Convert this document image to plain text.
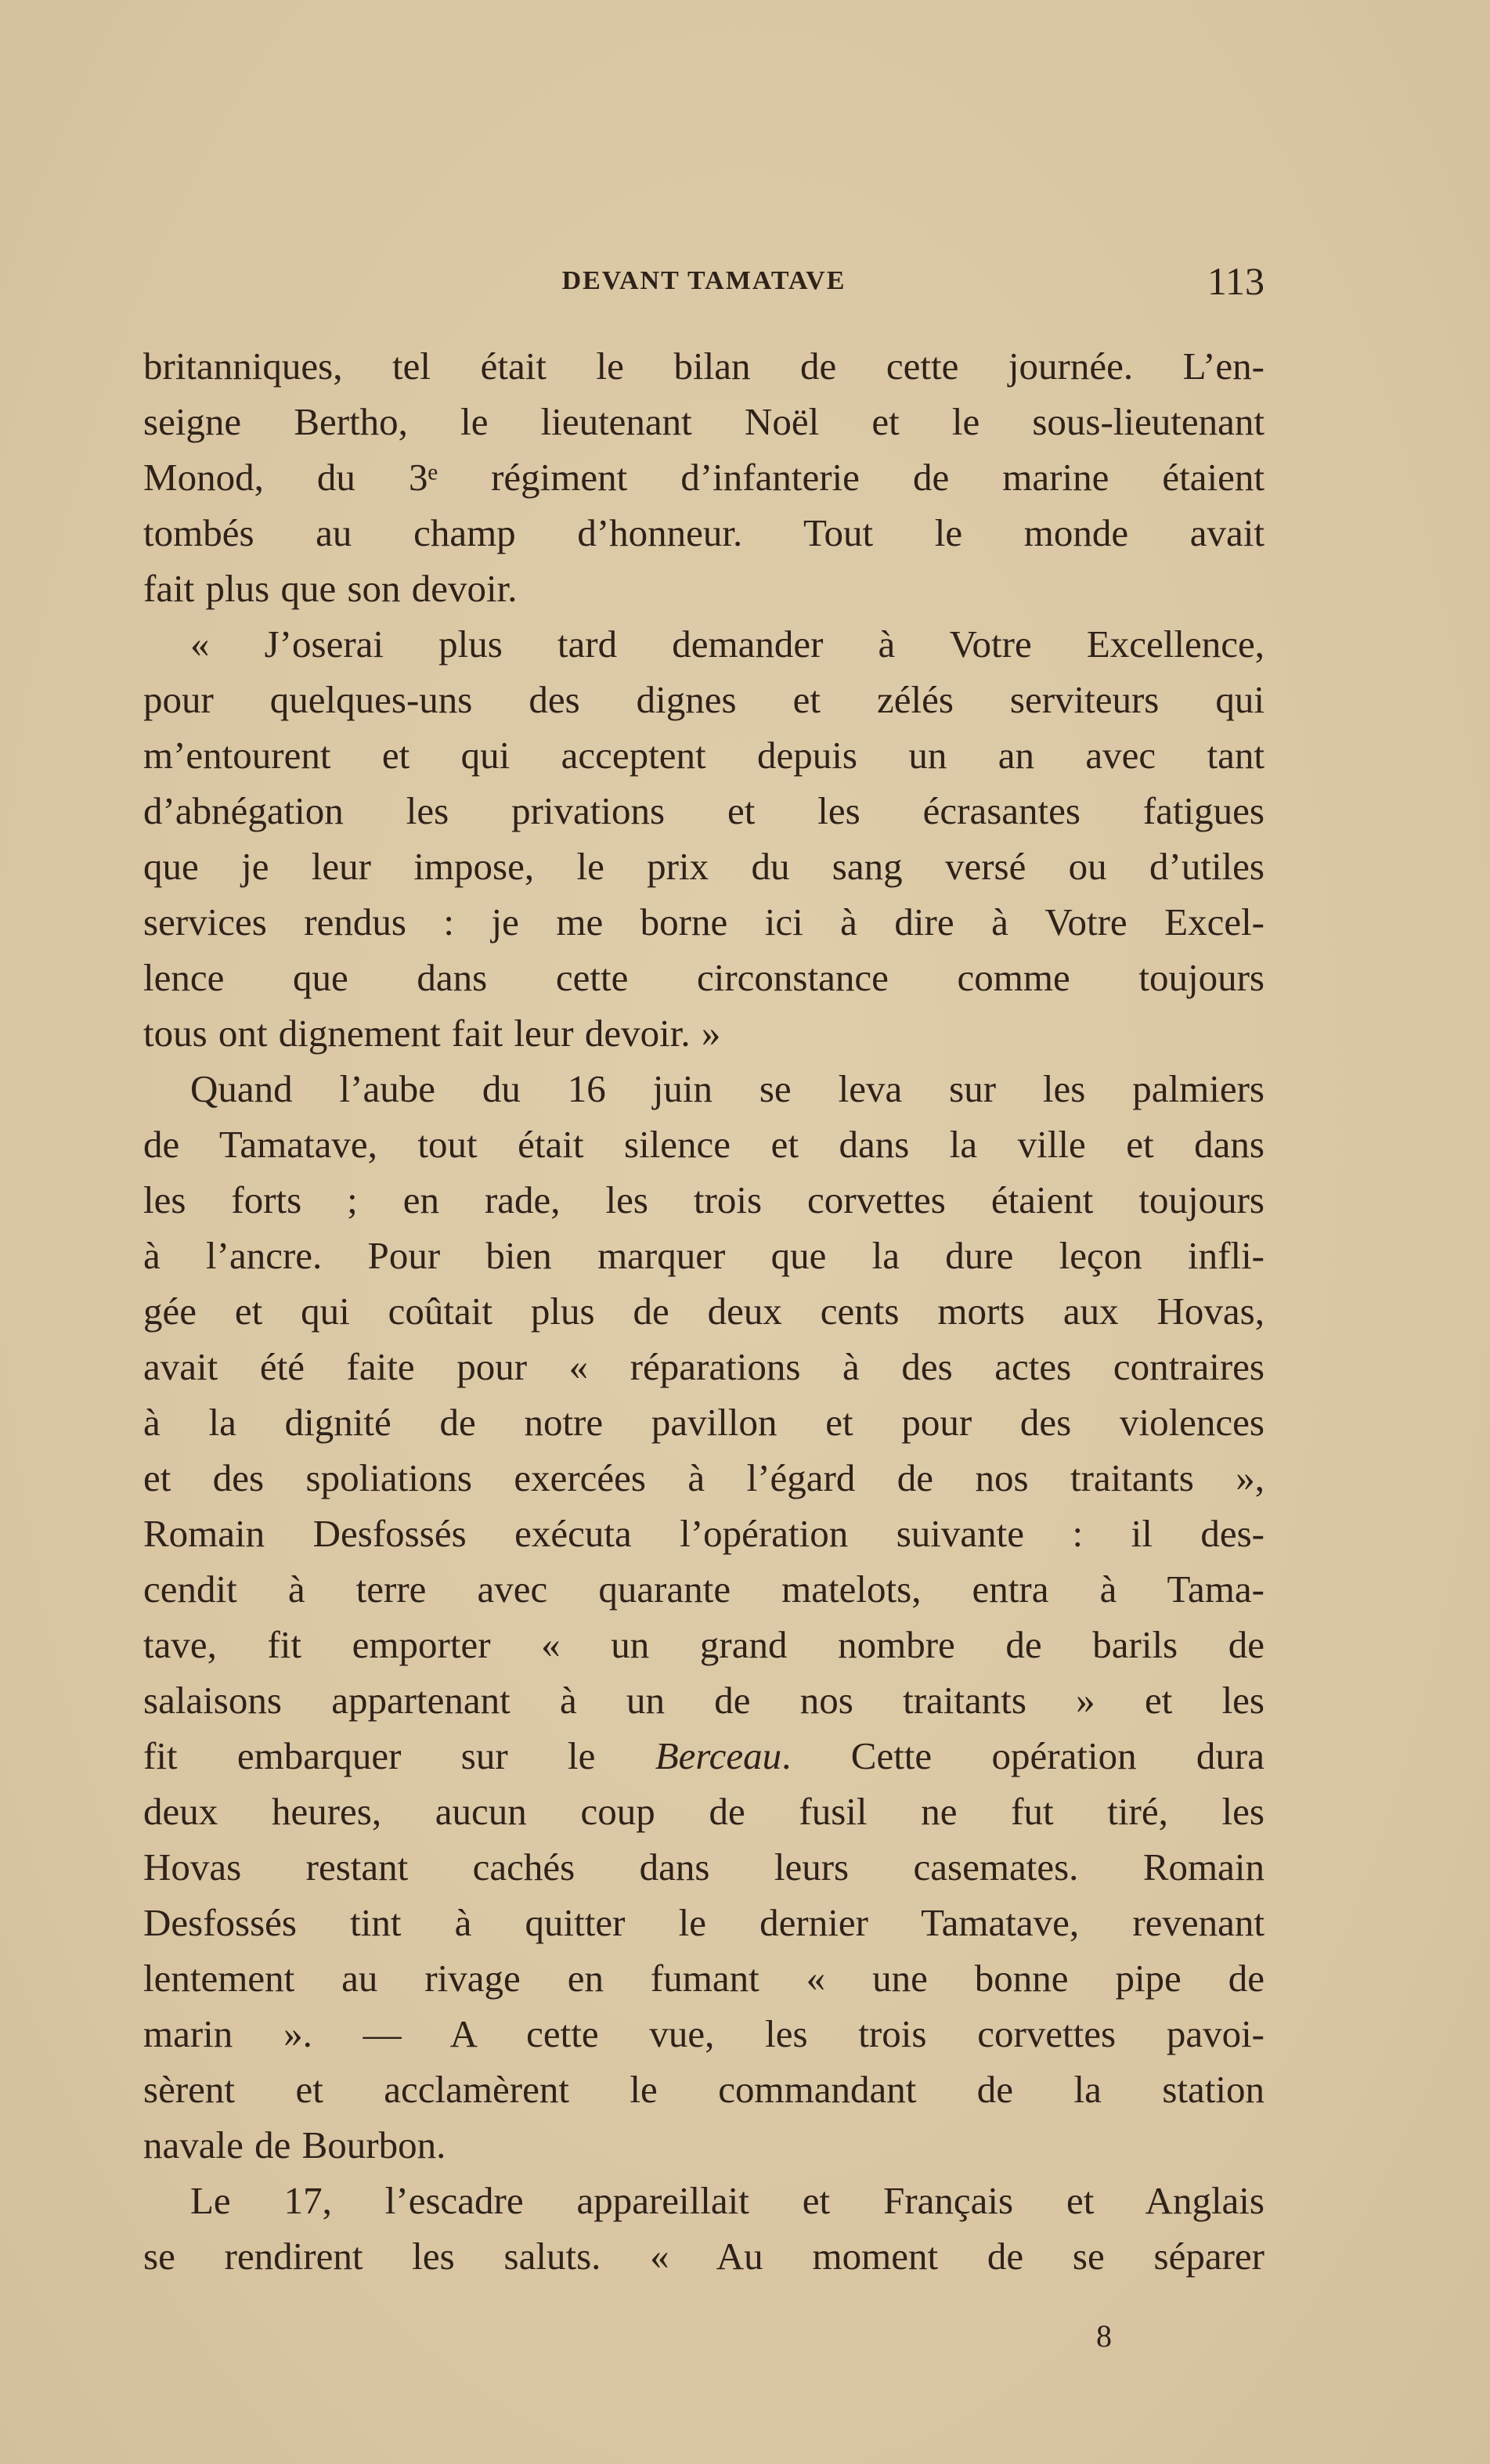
DEVANT TAMATAVE	113
britanniques, tel était le bilan de cette journée. L’en-
seigne Bertho, le lieutenant Noël et le sous-lieutenant
Monod, du 3ᵉ régiment d’infanterie de marine étaient
tombés au champ d’honneur. Tout le monde avait
fait plus que son devoir.
« J’oserai plus tard demander à Votre Excellence,
pour quelques-uns des dignes et zélés serviteurs qui
m’entourent et qui acceptent depuis un an avec tant
d’abnégation les privations et les écrasantes fatigues
que je leur impose, le prix du sang versé ou d’utiles
services rendus : je me borne ici à dire à Votre Excel-
lence que dans cette circonstance comme toujours
tous ont dignement fait leur devoir. »
Quand l’aube du 16 juin se leva sur les palmiers
de Tamatave, tout était silence et dans la ville et dans
les forts ; en rade, les trois corvettes étaient toujours
à l’ancre. Pour bien marquer que la dure leçon infli-
gée et qui coûtait plus de deux cents morts aux Hovas,
avait été faite pour « réparations à des actes contraires
à la dignité de notre pavillon et pour des violences
et des spoliations exercées à l’égard de nos traitants »,
Romain Desfossés exécuta l’opération suivante : il des-
cendit à terre avec quarante matelots, entra à Tama-
tave, fit emporter « un grand nombre de barils de
salaisons appartenant à un de nos traitants » et les
fit embarquer sur le Berceau. Cette opération dura
deux heures, aucun coup de fusil ne fut tiré, les
Hovas restant cachés dans leurs casemates. Romain
Desfossés tint à quitter le dernier Tamatave, revenant
lentement au rivage en fumant « une bonne pipe de
marin ». — A cette vue, les trois corvettes pavoi-
sèrent et acclamèrent le commandant de la station
navale de Bourbon.
Le 17, l’escadre appareillait et Français et Anglais
se rendirent les saluts. « Au moment de se séparer
8
